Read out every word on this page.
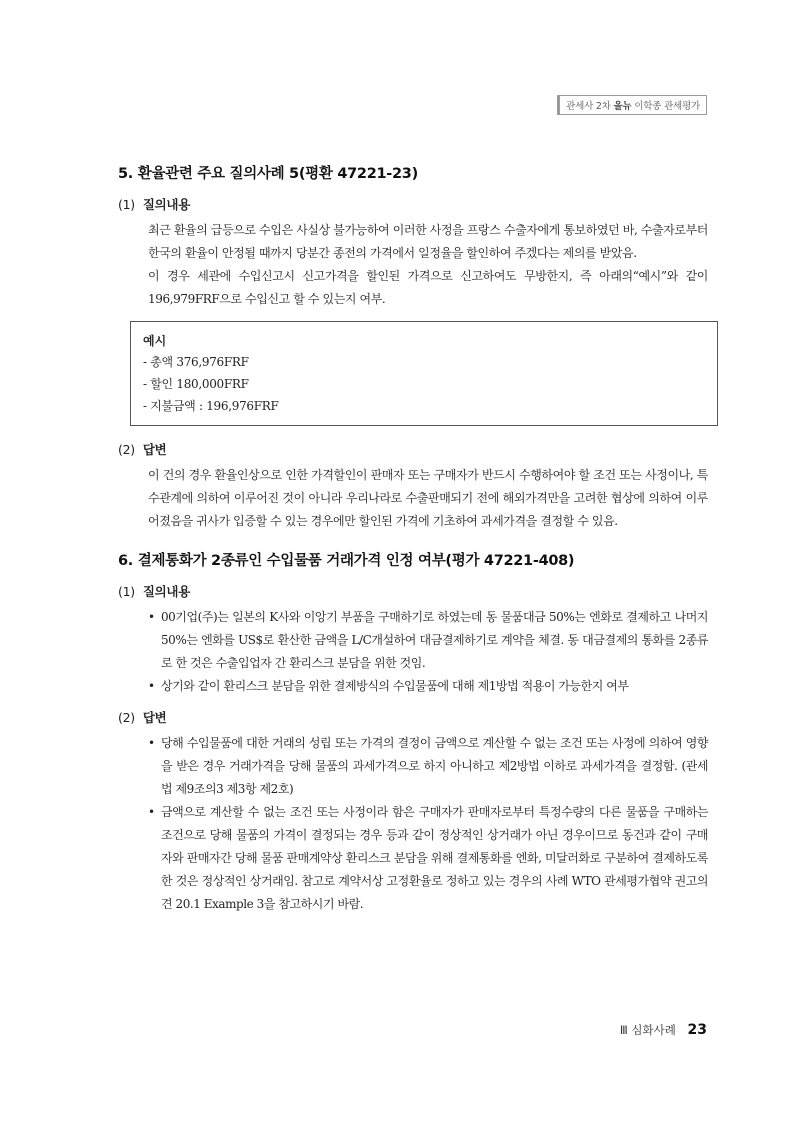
관세사 2차 올뉴 이학종 관세평가
5. 환율관련 주요 질의사례 5(평환 47221-23)
(1) 질의내용

최근 환율의 급등으로 수입은 사실상 불가능하여 이러한 사정을 프랑스 수출자에게 통보하였던 바, 수출자로부터 한국의 환율이 안정될 때까지 당분간 종전의 가격에서 일정율을 할인하여 주겠다는 제의를 받았음.

이 경우 세관에 수입신고시 신고가격을 할인된 가격으로 신고하여도 무방한지, 즉 아래의“예시”와 같이 196,979FRF으로 수입신고 할 수 있는지 여부.

예시
- 총액 376,976FRF
- 할인 180,000FRF
- 지불금액 : 196,976FRF
(2) 답변

이 건의 경우 환율인상으로 인한 가격할인이 판매자 또는 구매자가 반드시 수행하여야 할 조건 또는 사정이나, 특수관계에 의하여 이루어진 것이 아니라 우리나라로 수출판매되기 전에 해외가격만을 고려한 협상에 의하여 이루어졌음을 귀사가 입증할 수 있는 경우에만 할인된 가격에 기초하여 과세가격을 결정할 수 있음.

6. 결제통화가 2종류인 수입물품 거래가격 인정 여부(평가 47221-408)
(1) 질의내용
• 00기업(주)는 일본의 K사와 이앙기 부품을 구매하기로 하였는데 동 물품대금 50%는 엔화로 결제하고 나머지 50%는 엔화를 US$로 환산한 금액을 L/C개설하여 대금결제하기로 계약을 체결. 동 대금결제의 통화를 2종류로 한 것은 수출입업자 간 환리스크 분담을 위한 것임.
• 상기와 같이 환리스크 분담을 위한 결제방식의 수입물품에 대해 제1방법 적용이 가능한지 여부
(2) 답변
• 당해 수입물품에 대한 거래의 성립 또는 가격의 결정이 금액으로 계산할 수 없는 조건 또는 사정에 의하여 영향을 받은 경우 거래가격을 당해 물품의 과세가격으로 하지 아니하고 제2방법 이하로 과세가격을 결정함. (관세법 제9조의3 제3항 제2호)
• 금액으로 계산할 수 없는 조건 또는 사정이라 함은 구매자가 판매자로부터 특정수량의 다른 물품을 구매하는 조건으로 당해 물품의 가격이 결정되는 경우 등과 같이 정상적인 상거래가 아닌 경우이므로 동건과 같이 구매자와 판매자간 당해 물품 판매계약상 환리스크 분담을 위해 결제통화를 엔화, 미달러화로 구분하여 결제하도록 한 것은 정상적인 상거래임. 참고로 계약서상 고정환율로 정하고 있는 경우의 사례 WTO 관세평가협약 권고의견 20.1 Example 3을 참고하시기 바람.
Ⅲ 심화사례 23
